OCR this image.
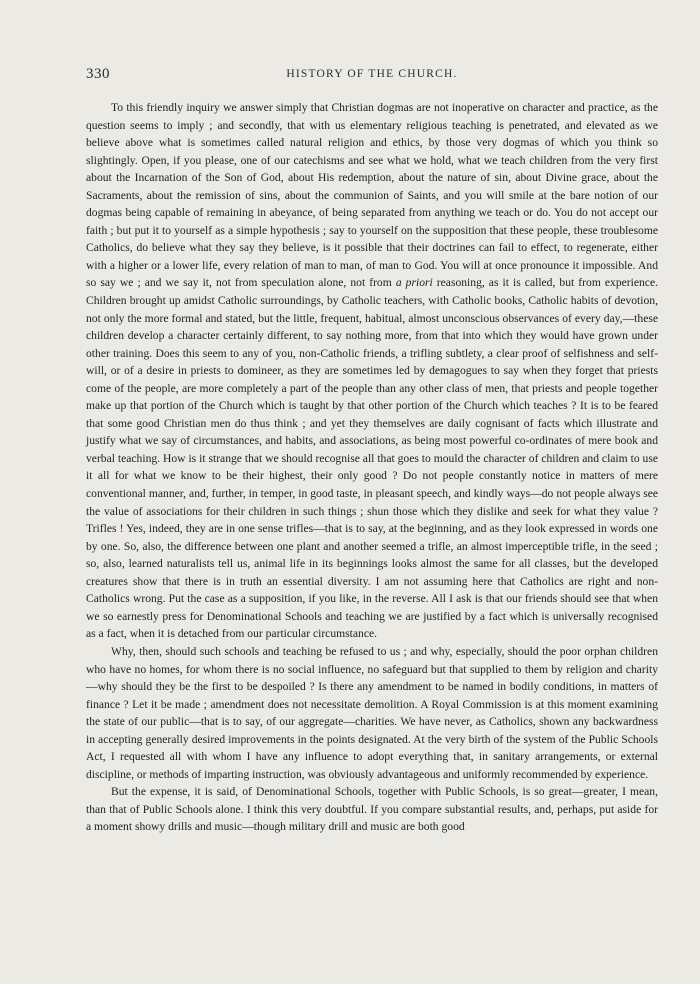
330	HISTORY OF THE CHURCH.

To this friendly inquiry we answer simply that Christian dogmas are not inoperative on character and practice, as the question seems to imply ; and secondly, that with us elementary religious teaching is penetrated, and elevated as we believe above what is sometimes called natural religion and ethics, by those very dogmas of which you think so slightingly. Open, if you please, one of our catechisms and see what we hold, what we teach children from the very first about the Incarnation of the Son of God, about His redemption, about the nature of sin, about Divine grace, about the Sacraments, about the remission of sins, about the communion of Saints, and you will smile at the bare notion of our dogmas being capable of remaining in abeyance, of being separated from anything we teach or do. You do not accept our faith ; but put it to yourself as a simple hypothesis ; say to yourself on the supposition that these people, these troublesome Catholics, do believe what they say they believe, is it possible that their doctrines can fail to effect, to regenerate, either with a higher or a lower life, every relation of man to man, of man to God. You will at once pronounce it impossible. And so say we ; and we say it, not from speculation alone, not from a priori reasoning, as it is called, but from experience. Children brought up amidst Catholic surroundings, by Catholic teachers, with Catholic books, Catholic habits of devotion, not only the more formal and stated, but the little, frequent, habitual, almost unconscious observances of every day,—these children develop a character certainly different, to say nothing more, from that into which they would have grown under other training. Does this seem to any of you, non-Catholic friends, a trifling subtlety, a clear proof of selfishness and self-will, or of a desire in priests to domineer, as they are sometimes led by demagogues to say when they forget that priests come of the people, are more completely a part of the people than any other class of men, that priests and people together make up that portion of the Church which is taught by that other portion of the Church which teaches ? It is to be feared that some good Christian men do thus think ; and yet they themselves are daily cognisant of facts which illustrate and justify what we say of circumstances, and habits, and associations, as being most powerful co-ordinates of mere book and verbal teaching. How is it strange that we should recognise all that goes to mould the character of children and claim to use it all for what we know to be their highest, their only good ? Do not people constantly notice in matters of mere conventional manner, and, further, in temper, in good taste, in pleasant speech, and kindly ways—do not people always see the value of associations for their children in such things ; shun those which they dislike and seek for what they value ? Trifles ! Yes, indeed, they are in one sense trifles—that is to say, at the beginning, and as they look expressed in words one by one. So, also, the difference between one plant and another seemed a trifle, an almost imperceptible trifle, in the seed ; so, also, learned naturalists tell us, animal life in its beginnings looks almost the same for all classes, but the developed creatures show that there is in truth an essential diversity. I am not assuming here that Catholics are right and non-Catholics wrong. Put the case as a supposition, if you like, in the reverse. All I ask is that our friends should see that when we so earnestly press for Denominational Schools and teaching we are justified by a fact which is universally recognised as a fact, when it is detached from our particular circumstance.

Why, then, should such schools and teaching be refused to us ; and why, especially, should the poor orphan children who have no homes, for whom there is no social influence, no safeguard but that supplied to them by religion and charity—why should they be the first to be despoiled ? Is there any amendment to be named in bodily conditions, in matters of finance ? Let it be made ; amendment does not necessitate demolition. A Royal Commission is at this moment examining the state of our public—that is to say, of our aggregate—charities. We have never, as Catholics, shown any backwardness in accepting generally desired improvements in the points designated. At the very birth of the system of the Public Schools Act, I requested all with whom I have any influence to adopt everything that, in sanitary arrangements, or external discipline, or methods of imparting instruction, was obviously advantageous and uniformly recommended by experience.

But the expense, it is said, of Denominational Schools, together with Public Schools, is so great—greater, I mean, than that of Public Schools alone. I think this very doubtful. If you compare substantial results, and, perhaps, put aside for a moment showy drills and music—though military drill and music are both good
